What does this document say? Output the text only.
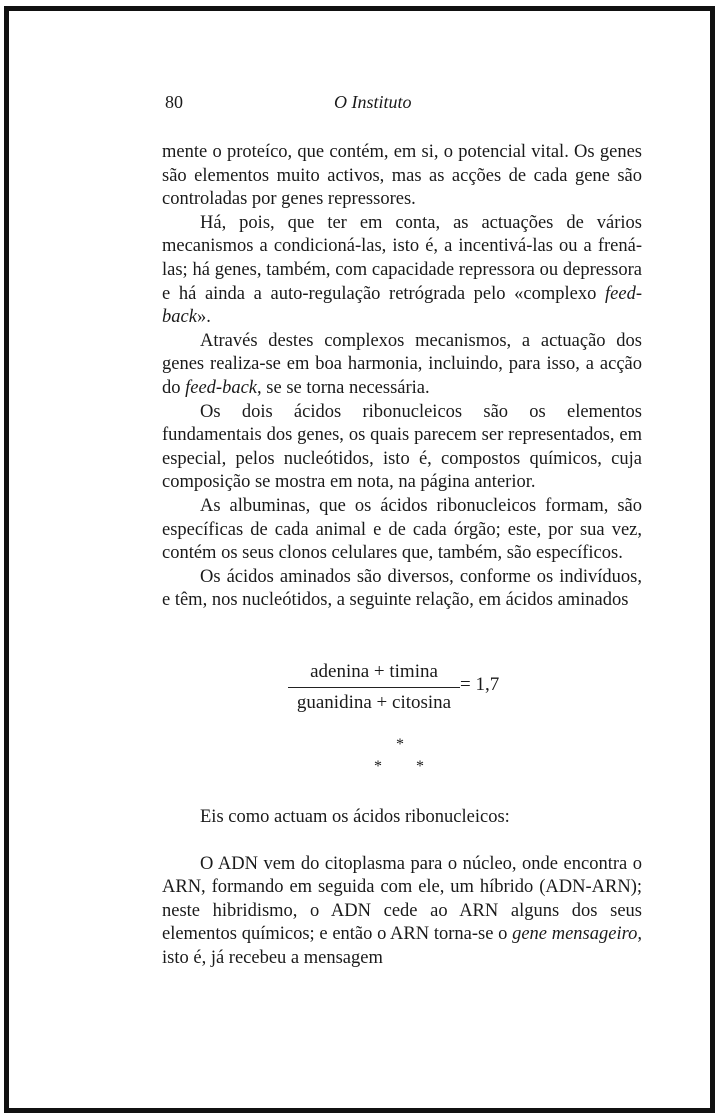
80	O Instituto

mente o proteíco, que contém, em si, o potencial vital. Os genes são elementos muito activos, mas as acções de cada gene são controladas por genes repressores.

Há, pois, que ter em conta, as actuações de vários mecanismos a condicioná-las, isto é, a incentivá-las ou a frená-las; há genes, também, com capacidade repressora ou depressora e há ainda a auto-regulação retrógrada pelo «complexo feed-back».

Através destes complexos mecanismos, a actuação dos genes realiza-se em boa harmonia, incluindo, para isso, a acção do feed-back, se se torna necessária.

Os dois ácidos ribonucleicos são os elementos fundamentais dos genes, os quais parecem ser representados, em especial, pelos nucleótidos, isto é, compostos químicos, cuja composição se mostra em nota, na página anterior.

As albuminas, que os ácidos ribonucleicos formam, são específicas de cada animal e de cada órgão; este, por sua vez, contém os seus clonos celulares que, também, são específicos.

Os ácidos aminados são diversos, conforme os indivíduos, e têm, nos nucleótidos, a seguinte relação, em ácidos aminados

adenina + timina
guanidina + citosina
= 1,7
*
* *

Eis como actuam os ácidos ribonucleicos:

O ADN vem do citoplasma para o núcleo, onde encontra o ARN, formando em seguida com ele, um híbrido (ADN-ARN); neste hibridismo, o ADN cede ao ARN alguns dos seus elementos químicos; e então o ARN torna-se o gene mensageiro, isto é, já recebeu a mensagem
